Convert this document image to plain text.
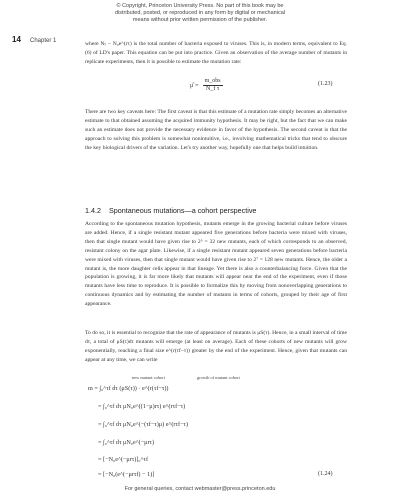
© Copyright, Princeton University Press. No part of this book may be
distributed, posted, or reproduced in any form by digital or mechanical
means without prior written permission of the publisher.
14 Chapter 1	where Nₜ − N₀e^(rτ) is the total number of bacteria exposed to viruses. This is, in modern terms, equivalent to Eq. (6) of LD's paper. This equation can be put into practice. Given an observation of the average number of mutants in replicate experiments, then it is possible to estimate the mutation rate:
μ̂ = $\frac{\text{m\_obs}}{\text{N\_f τ}}$	(1.23)
There are two key caveats here: The first caveat is that this estimate of a mutation rate simply becomes an alternative estimate to that obtained assuming the acquired immunity hypothesis. It may be right, but the fact that we can make such an estimate does not provide the necessary evidence in favor of the hypothesis. The second caveat is that the approach to solving this problem is somewhat nonintuitive, i.e., involving mathematical tricks that tend to obscure the key biological drivers of the variation. Let's try another way, hopefully one that helps build intuition.
1.4.2 Spontaneous mutations—a cohort perspective
According to the spontaneous mutation hypothesis, mutants emerge in the growing bacterial culture before viruses are added. Hence, if a single resistant mutant appeared five generations before bacteria were mixed with viruses, then that single mutant would have given rise to 2⁵ = 32 new mutants, each of which corresponds to an observed, resistant colony on the agar plate. Likewise, if a single resistant mutant appeared seven generations before bacteria were mixed with viruses, then that single mutant would have given rise to 2⁷ = 128 new mutants. Hence, the older a mutant is, the more daughter cells appear in that lineage. Yet there is also a counterbalancing force. Given that the population is growing, it is far more likely that mutants will appear near the end of the experiment, even if those mutants have less time to reproduce. It is possible to formalize this by moving from nonoverlapping generations to continuous dynamics and by estimating the number of mutants in terms of cohorts, grouped by their age of first appearance.
To do so, it is essential to recognize that the rate of appearance of mutants is μS(τ). Hence, in a small interval of time dτ, a total of μS(τ)dτ mutants will emerge (at least on average). Each of these cohorts of new mutants will grow exponentially, reaching a final size e^(r(τf−τ)) greater by the end of the experiment. Hence, given that mutants can appear at any time, we can write
new mutant cohort	growth of mutant cohort
m = ∫₀^τf dτ (μS(τ)) · e^(r(τf−τ))
= ∫₀^τf dτ μN₀e^((1−μ)rτ) e^(rτf−τ)
= ∫₀^τf dτ μN₀e^(−(τf−τ)μ) e^(rτf−τ)
= ∫₀^τf dτ μN₀e^(−μrτ)
= [−N₀e^(−μrτ)]₀^τf
= [−N₀(e^(−μrτf) − 1)]	(1.24)
For general queries, contact webmaster@press.princeton.edu
